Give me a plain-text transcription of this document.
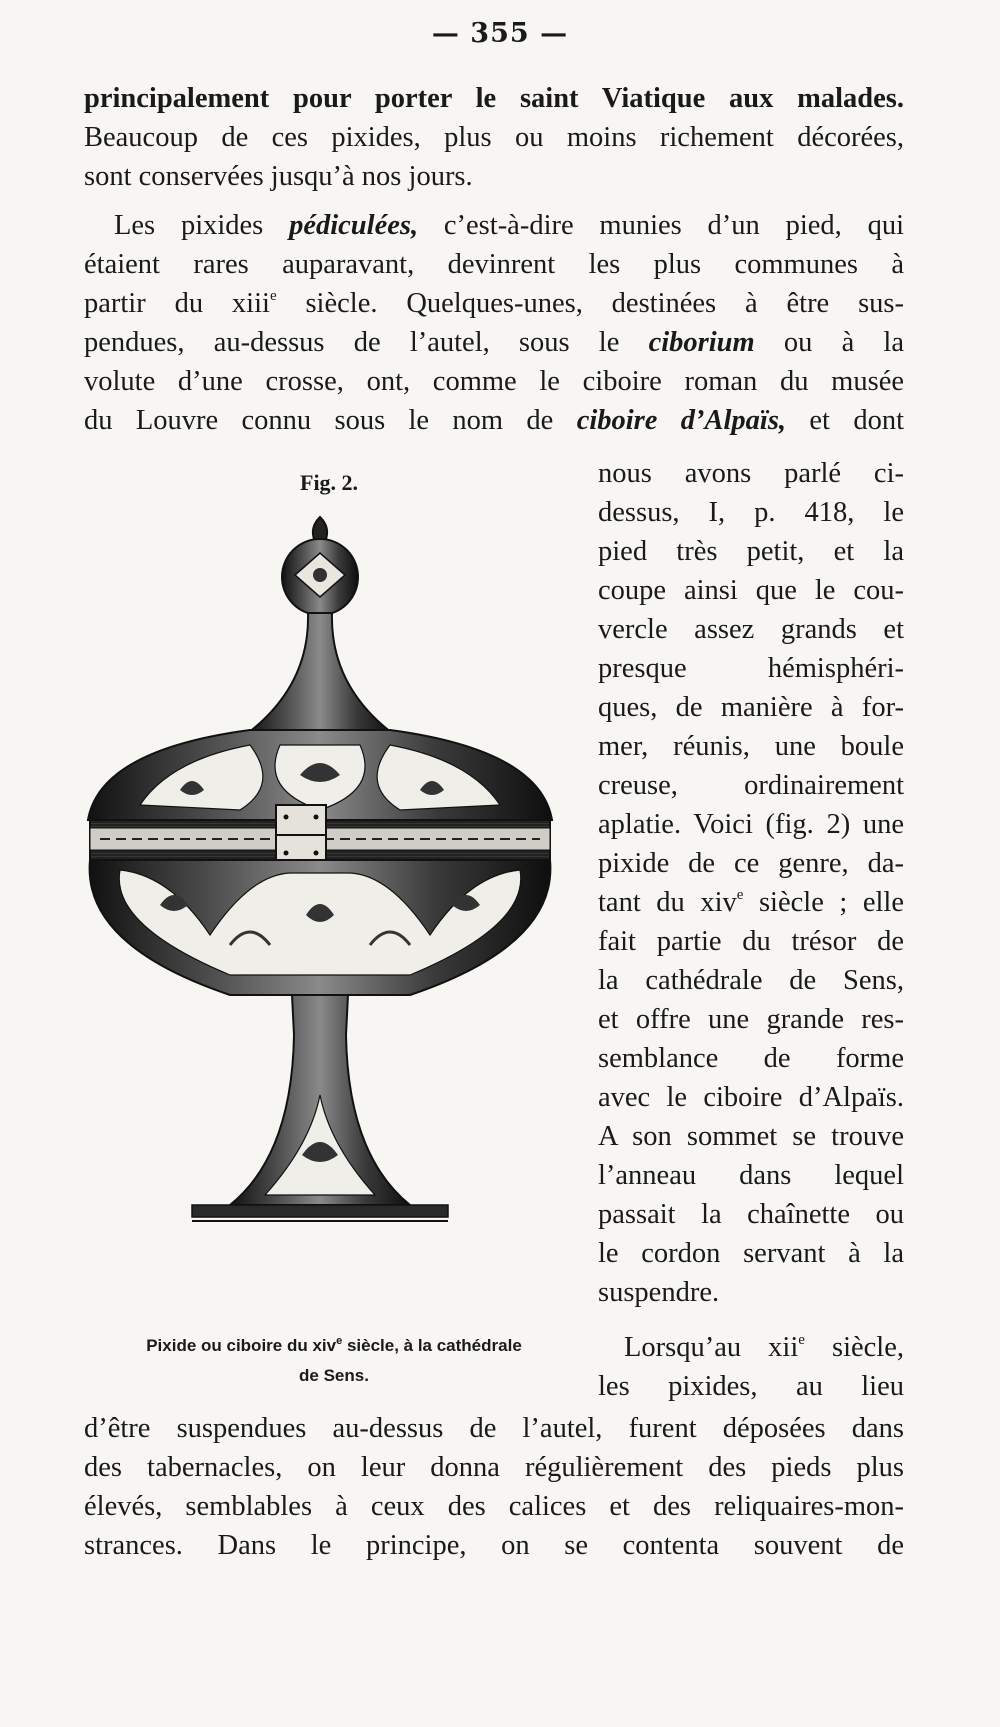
— 355 —
principalement pour porter le saint Viatique aux malades.
Beaucoup de ces pixides, plus ou moins richement décorées,
sont conservées jusqu’à nos jours.
Les pixides pédiculées, c’est-à-dire munies d’un pied, qui
étaient rares auparavant, devinrent les plus communes à
partir du xiii$^e$ siècle. Quelques-unes, destinées à être sus-
pendues, au-dessus de l’autel, sous le ciborium ou à la
volute d’une crosse, ont, comme le ciboire roman du musée
du Louvre connu sous le nom de ciboire d’Alpaïs, et dont
Fig. 2.	nous avons parlé ci-
dessus, I, p. 418, le
pied très petit, et la
coupe ainsi que le cou-
vercle assez grands et
presque hémisphéri-
ques, de manière à for-
mer, réunis, une boule
creuse, ordinairement
aplatie. Voici (fig. 2) une
pixide de ce genre, da-
tant du xiv$^e$ siècle ; elle
fait partie du trésor de
la cathédrale de Sens,
et offre une grande res-
semblance de forme
avec le ciboire d’Alpaïs.
A son sommet se trouve
l’anneau dans lequel
passait la chaînette ou
le cordon servant à la
suspendre.
Lorsqu’au xii$^e$ siècle,
les pixides, au lieu
d’être suspendues au-dessus de l’autel, furent déposées dans
des tabernacles, on leur donna régulièrement des pieds plus
élevés, semblables à ceux des calices et des reliquaires-mon-
strances. Dans le principe, on se contenta souvent de
Pixide ou ciboire du xiv$^e$ siècle, à la cathédrale
de Sens.
